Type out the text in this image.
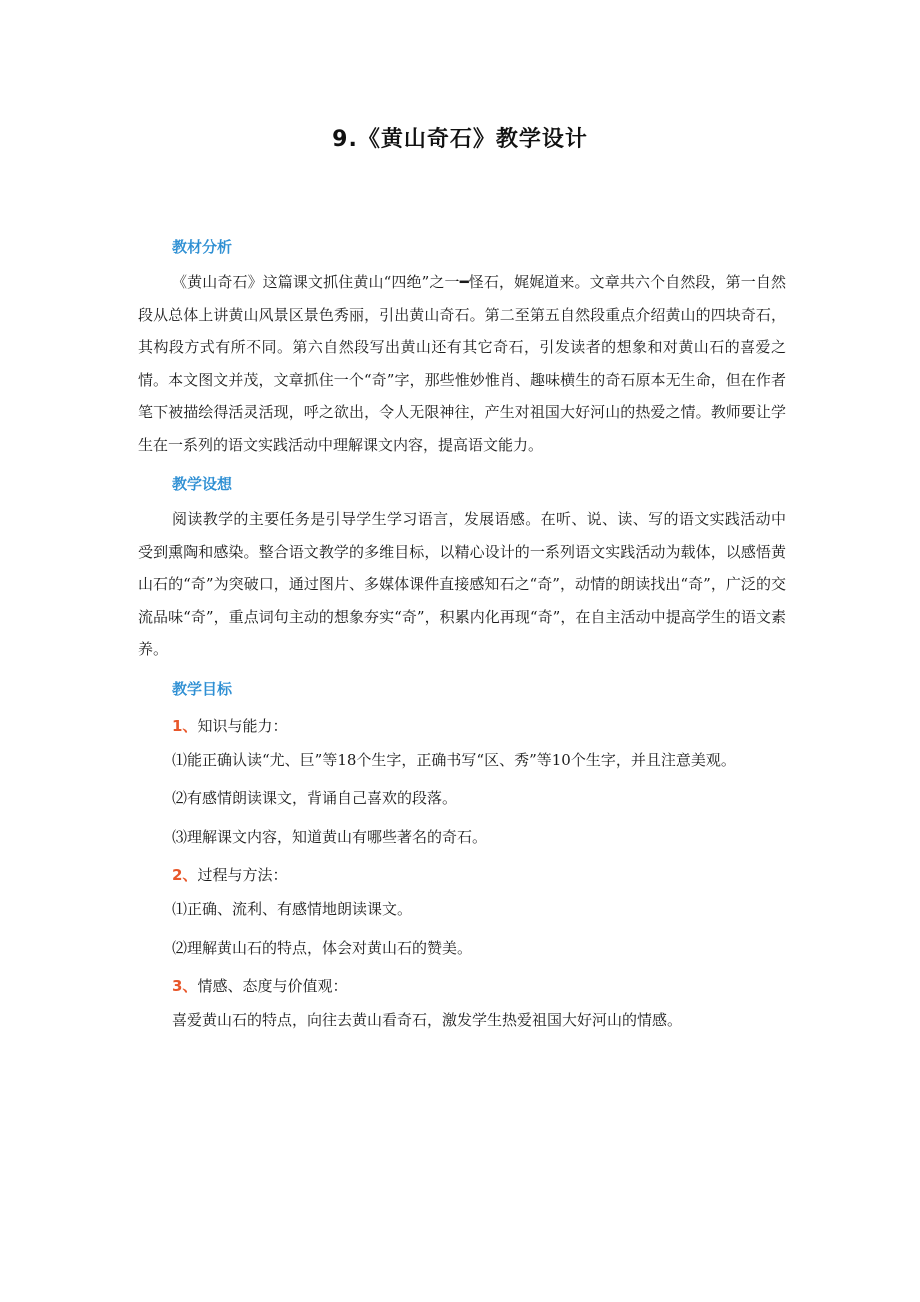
9.《黄山奇石》教学设计
教材分析

《黄山奇石》这篇课文抓住黄山“四绝”之一━怪石，娓娓道来。文章共六个自然段，第一自然段从总体上讲黄山风景区景色秀丽，引出黄山奇石。第二至第五自然段重点介绍黄山的四块奇石，其构段方式有所不同。第六自然段写出黄山还有其它奇石，引发读者的想象和对黄山石的喜爱之情。本文图文并茂，文章抓住一个“奇”字，那些惟妙惟肖、趣味横生的奇石原本无生命，但在作者笔下被描绘得活灵活现，呼之欲出，令人无限神往，产生对祖国大好河山的热爱之情。教师要让学生在一系列的语文实践活动中理解课文内容，提高语文能力。

教学设想

阅读教学的主要任务是引导学生学习语言，发展语感。在听、说、读、写的语文实践活动中受到熏陶和感染。整合语文教学的多维目标，以精心设计的一系列语文实践活动为载体，以感悟黄山石的“奇”为突破口，通过图片、多媒体课件直接感知石之“奇”，动情的朗读找出“奇”，广泛的交流品味“奇”，重点词句主动的想象夯实“奇”，积累内化再现“奇”，在自主活动中提高学生的语文素养。

教学目标
1、知识与能力：

⑴能正确认读“尤、巨”等18个生字，正确书写“区、秀”等10个生字，并且注意美观。

⑵有感情朗读课文，背诵自己喜欢的段落。

⑶理解课文内容，知道黄山有哪些著名的奇石。

2、过程与方法：

⑴正确、流利、有感情地朗读课文。

⑵理解黄山石的特点，体会对黄山石的赞美。

3、情感、态度与价值观：

喜爱黄山石的特点，向往去黄山看奇石，激发学生热爱祖国大好河山的情感。
